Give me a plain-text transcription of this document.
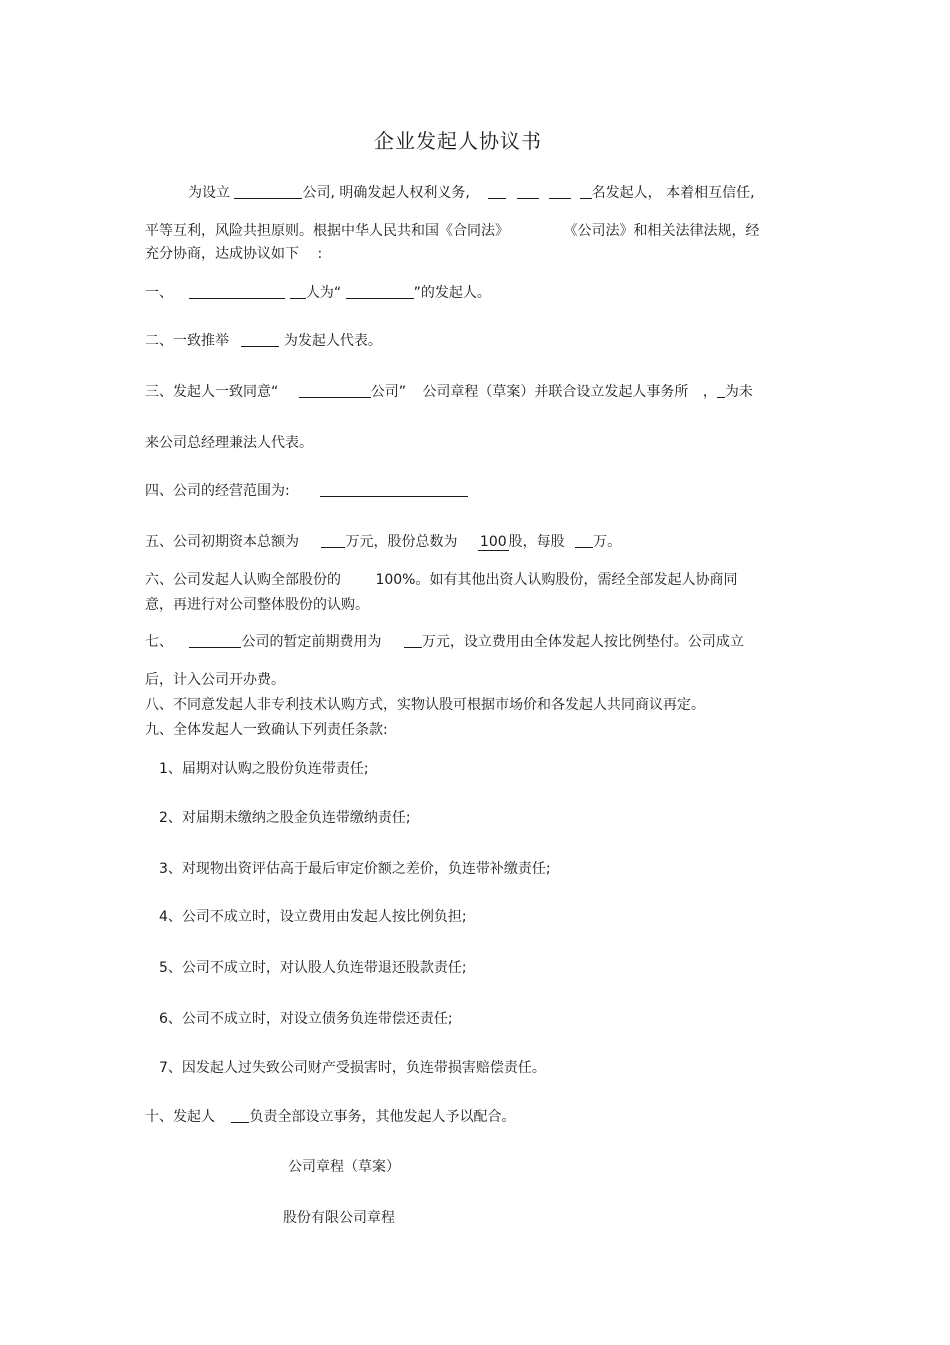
企业发起人协议书
为设立	公司, 明确发起人权利义务,	名发起人， 本着相互信任,
平等互利，风险共担原则。根据中华人民共和国《合同法》	《公司法》和相关法律法规，经
充分协商，达成协议如下 :
一、	人为“	”的发起人。
二、一致推举	为发起人代表。
三、发起人一致同意“	公司” 公司章程（草案）并联合设立发起人事务所 ， 为未
来公司总经理兼法人代表。
四、公司的经营范围为:
五、公司初期资本总额为	万元，股份总数为 100 股，每股 万。
六、公司发起人认购全部股份的 100%。如有其他出资人认购股份，需经全部发起人协商同
意，再进行对公司整体股份的认购。
七、	公司的暂定前期费用为	万元，设立费用由全体发起人按比例垫付。公司成立
后，计入公司开办费。
八、不同意发起人非专利技术认购方式，实物认股可根据市场价和各发起人共同商议再定。
九、全体发起人一致确认下列责任条款:
1、届期对认购之股份负连带责任;
2、对届期未缴纳之股金负连带缴纳责任;
3、对现物出资评估高于最后审定价额之差价，负连带补缴责任;
4、公司不成立时，设立费用由发起人按比例负担;
5、公司不成立时，对认股人负连带退还股款责任;
6、公司不成立时，对设立债务负连带偿还责任;
7、因发起人过失致公司财产受损害时，负连带损害赔偿责任。
十、发起人 负责全部设立事务，其他发起人予以配合。
公司章程（草案）
股份有限公司章程
